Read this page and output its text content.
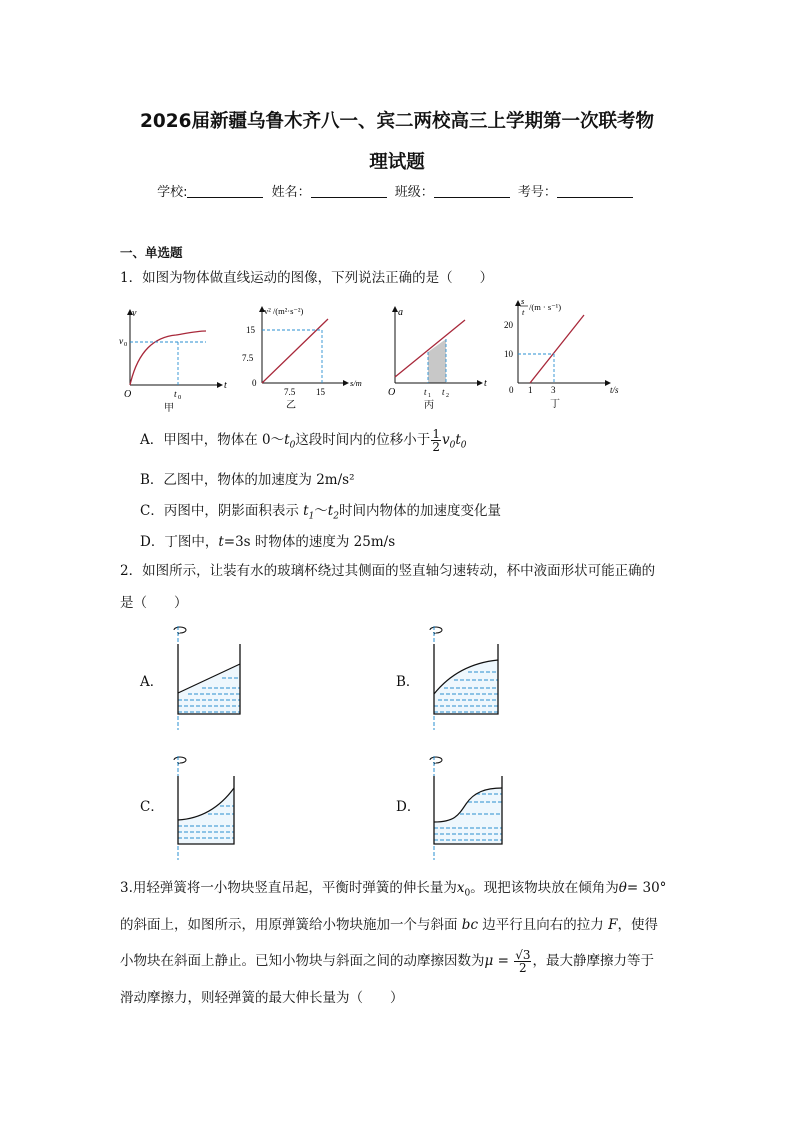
2026届新疆乌鲁木齐八一、宾二两校高三上学期第一次联考物
理试题
学校:	姓名：	班级：	考号：
一、单选题
1．如图为物体做直线运动的图像，下列说法正确的是（　　）
v
v 0
t
t 0
O
甲
v² /(m²·s⁻²)
15
7.5
0
7.5 15
s/m
乙
a
t
t 1 t 2
O
丙
s
t /(m · s⁻¹)
20
10
0 1 3	t/s
丁
A．甲图中，物体在 $0\sim t_0$这段时间内的位移小于 $\frac{1}{2} v_0t_0$
B．乙图中，物体的加速度为 2m/s²
C．丙图中，阴影面积表示 $t_1\sim t_2$时间内物体的加速度变化量
D．丁图中，t=3s 时物体的速度为 25m/s
2．如图所示，让装有水的玻璃杯绕过其侧面的竖直轴匀速转动，杯中液面形状可能正确的
是（　　）
A．	B．
C．	D．
3.用轻弹簧将一小物块竖直吊起，平衡时弹簧的伸长量为$x_0$。现把该物块放在倾角为θ= 30°
的斜面上，如图所示，用原弹簧给小物块施加一个与斜面 bc 边平行且向右的拉力 F，使得
小物块在斜面上静止。已知小物块与斜面之间的动摩擦因数为$\mu = \frac{√3}{2}$ ，最大静摩擦力等于
滑动摩擦力，则轻弹簧的最大伸长量为（　　）
